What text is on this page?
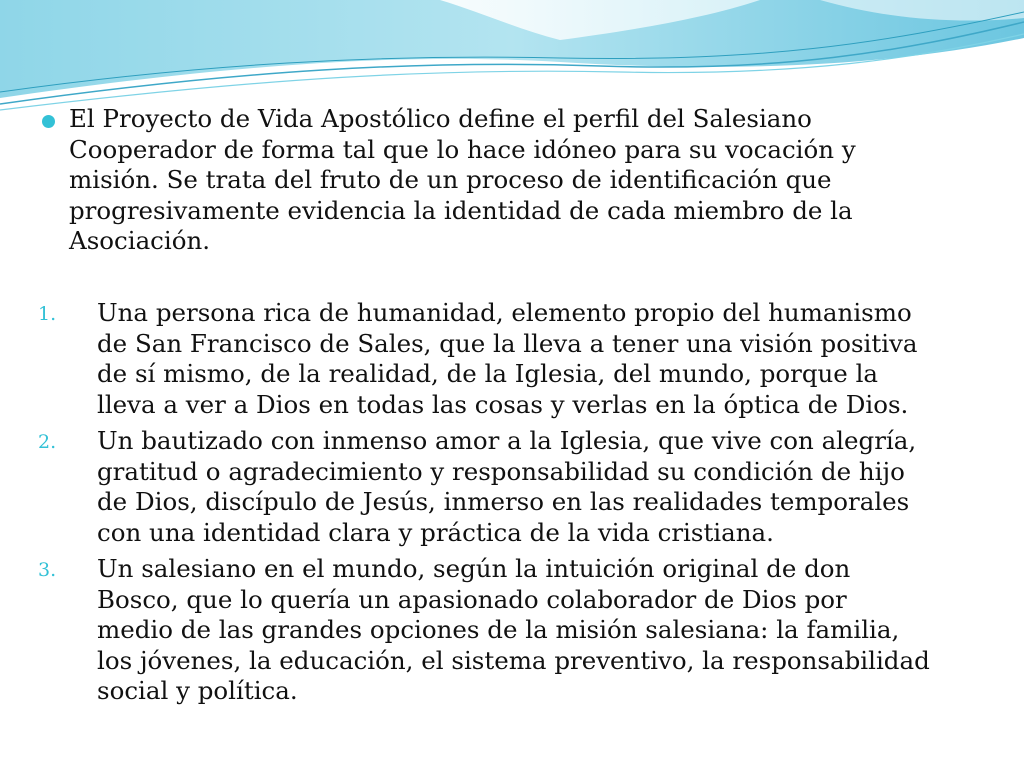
El Proyecto de Vida Apostólico define el perfil del Salesiano
Cooperador de forma tal que lo hace idóneo para su vocación y
misión. Se trata del fruto de un proceso de identificación que
progresivamente evidencia la identidad de cada miembro de la
Asociación.
1. Una persona rica de humanidad, elemento propio del humanismo
de San Francisco de Sales, que la lleva a tener una visión positiva
de sí mismo, de la realidad, de la Iglesia, del mundo, porque la
lleva a ver a Dios en todas las cosas y verlas en la óptica de Dios.
2. Un bautizado con inmenso amor a la Iglesia, que vive con alegría,
gratitud o agradecimiento y responsabilidad su condición de hijo
de Dios, discípulo de Jesús, inmerso en las realidades temporales
con una identidad clara y práctica de la vida cristiana.
3. Un salesiano en el mundo, según la intuición original de don
Bosco, que lo quería un apasionado colaborador de Dios por
medio de las grandes opciones de la misión salesiana: la familia,
los jóvenes, la educación, el sistema preventivo, la responsabilidad
social y política.
